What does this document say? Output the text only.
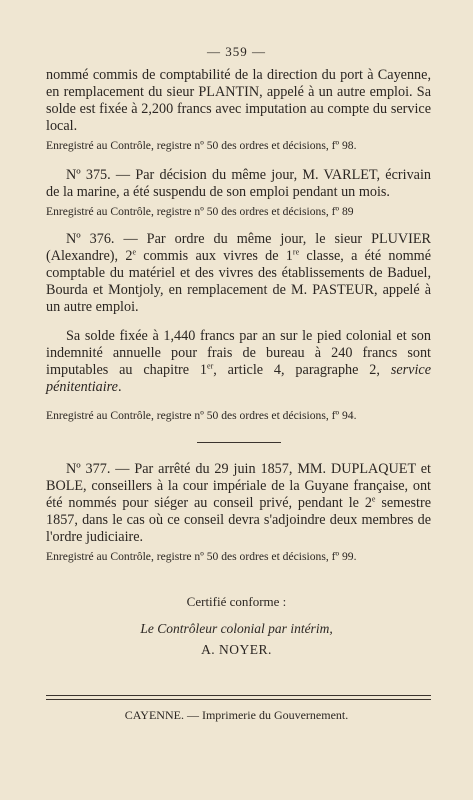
— 359 —

nommé commis de comptabilité de la direction du port à Cayenne, en remplacement du sieur PLANTIN, appelé à un autre emploi. Sa solde est fixée à 2,200 francs avec imputation au compte du service local.

Enregistré au Contrôle, registre nº 50 des ordres et décisions, fº 98.

Nº 375. — Par décision du même jour, M. VARLET, écrivain de la marine, a été suspendu de son emploi pendant un mois.

Enregistré au Contrôle, registre nº 50 des ordres et décisions, fº 89

Nº 376. — Par ordre du même jour, le sieur PLUVIER (Alexandre), 2e commis aux vivres de 1re classe, a été nommé comptable du matériel et des vivres des établissements de Baduel, Bourda et Montjoly, en remplacement de M. PASTEUR, appelé à un autre emploi.

Sa solde fixée à 1,440 francs par an sur le pied colonial et son indemnité annuelle pour frais de bureau à 240 francs sont imputables au chapitre 1er, article 4, paragraphe 2, service pénitentiaire.

Enregistré au Contrôle, registre nº 50 des ordres et décisions, fº 94.

Nº 377. — Par arrêté du 29 juin 1857, MM. DUPLAQUET et BOLE, conseillers à la cour impériale de la Guyane française, ont été nommés pour siéger au conseil privé, pendant le 2e semestre 1857, dans le cas où ce conseil devra s'adjoindre deux membres de l'ordre judiciaire.

Enregistré au Contrôle, registre nº 50 des ordres et décisions, fº 99.

Certifié conforme :
Le Contrôleur colonial par intérim,
A. NOYER.
CAYENNE. — Imprimerie du Gouvernement.
